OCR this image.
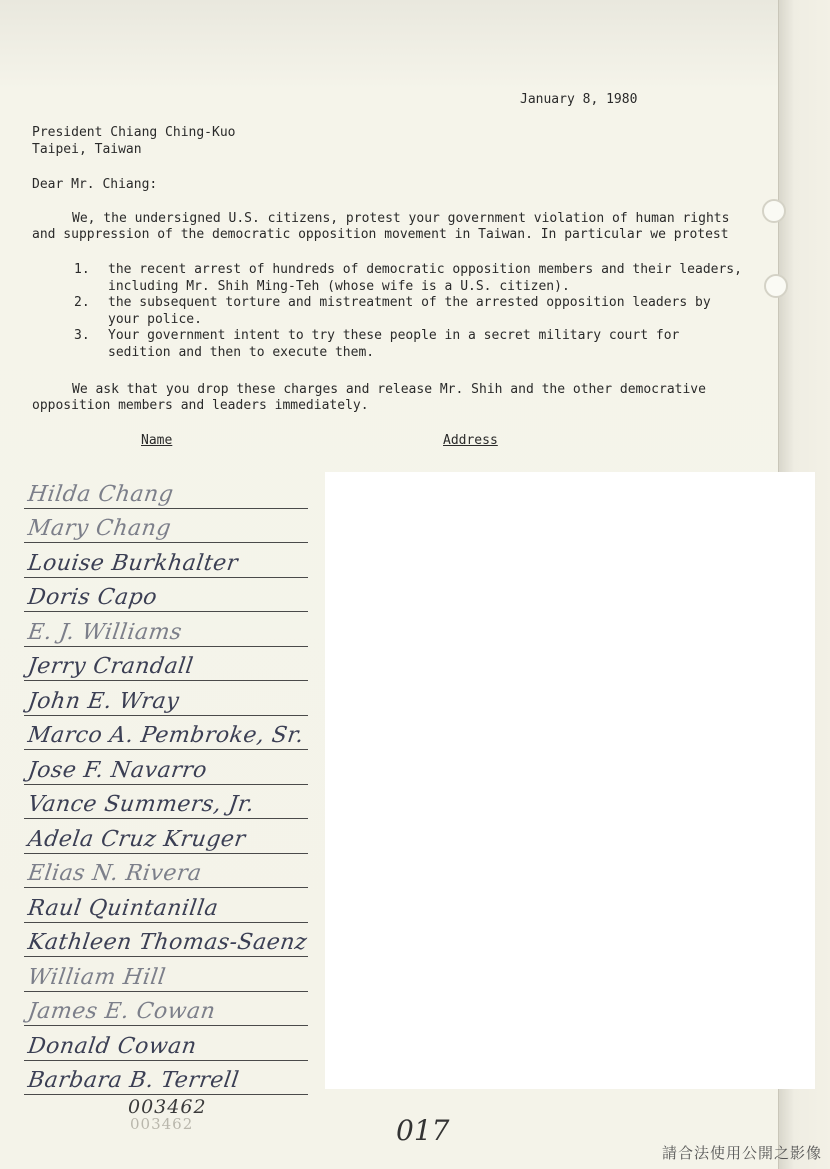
January 8, 1980
President Chiang Ching-Kuo
Taipei, Taiwan
Dear Mr. Chiang:
We, the undersigned U.S. citizens, protest your government violation of human rights and suppression of the democratic opposition movement in Taiwan. In particular we protest
1.	the recent arrest of hundreds of democratic opposition members and their leaders, including Mr. Shih Ming-Teh (whose wife is a U.S. citizen).
2.	the subsequent torture and mistreatment of the arrested opposition leaders by your police.
3.	Your government intent to try these people in a secret military court for sedition and then to execute them.
We ask that you drop these charges and release Mr. Shih and the other democrative opposition members and leaders immediately.
Name	Address
Hilda Chang
Mary Chang
Louise Burkhalter
Doris Capo
E. J. Williams
Jerry Crandall
John E. Wray
Marco A. Pembroke, Sr.
Jose F. Navarro
Vance Summers, Jr.
Adela Cruz Kruger
Elias N. Rivera
Raul Quintanilla
Kathleen Thomas-Saenz
William Hill
James E. Cowan
Donald Cowan
Barbara B. Terrell
003462
003462	017
請合法使用公開之影像
